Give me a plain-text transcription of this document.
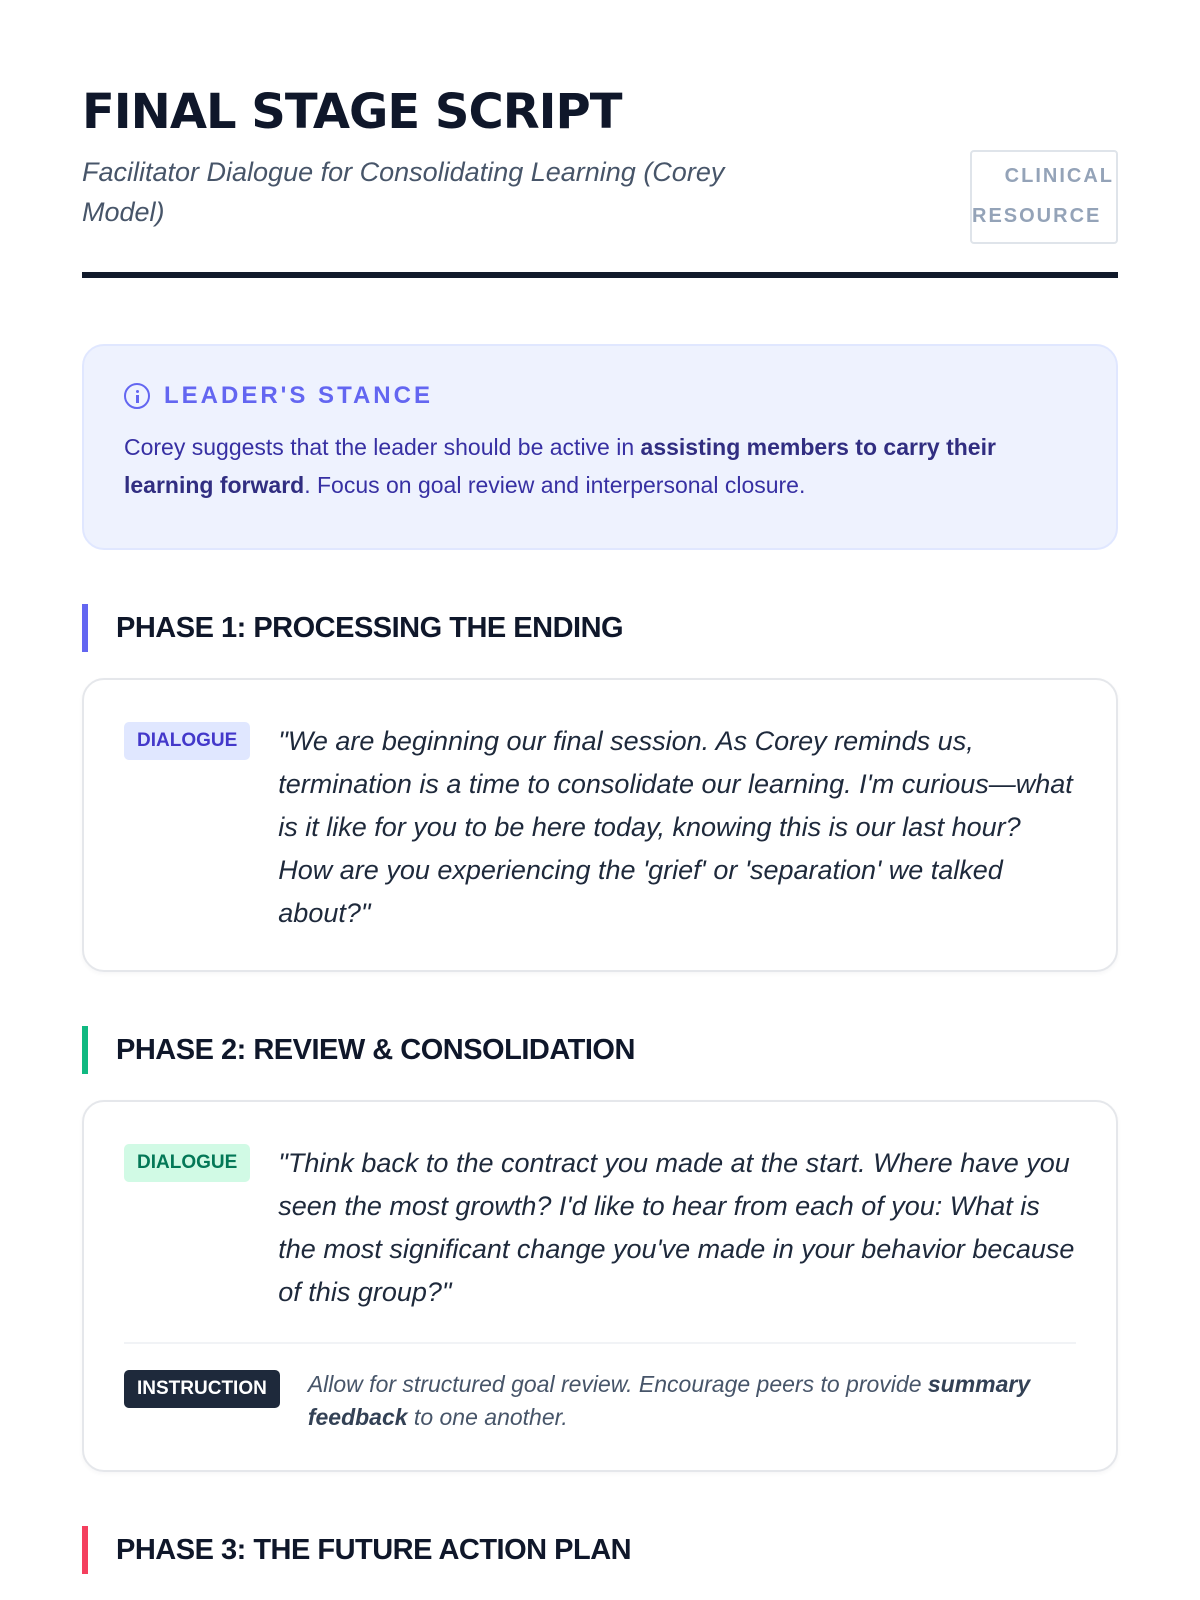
FINAL STAGE SCRIPT

Facilitator Dialogue for Consolidating Learning (Corey Model)

CLINICAL
RESOURCE
LEADER'S STANCE

Corey suggests that the leader should be active in assisting members to carry their learning forward. Focus on goal review and interpersonal closure.

PHASE 1: PROCESSING THE ENDING
DIALOGUE	"We are beginning our final session. As Corey reminds us, termination is a time to consolidate our learning. I'm curious—what is it like for you to be here today, knowing this is our last hour? How are you experiencing the 'grief' or 'separation' we talked about?"

PHASE 2: REVIEW & CONSOLIDATION
DIALOGUE	"Think back to the contract you made at the start. Where have you seen the most growth? I'd like to hear from each of you: What is the most significant change you've made in your behavior because of this group?"

INSTRUCTION	Allow for structured goal review. Encourage peers to provide summary feedback to one another.

PHASE 3: THE FUTURE ACTION PLAN
